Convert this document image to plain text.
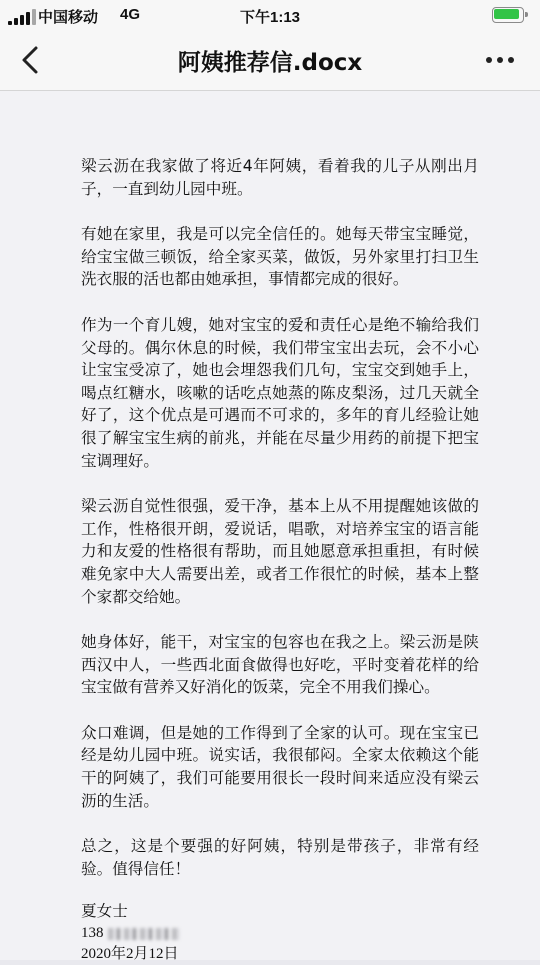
中国移动 4G	下午1:13
阿姨推荐信.docx

梁云沥在我家做了将近4年阿姨，看着我的儿子从刚出月子，一直到幼儿园中班。

有她在家里，我是可以完全信任的。她每天带宝宝睡觉，给宝宝做三顿饭，给全家买菜，做饭，另外家里打扫卫生洗衣服的活也都由她承担，事情都完成的很好。

作为一个育儿嫂，她对宝宝的爱和责任心是绝不输给我们父母的。偶尔休息的时候，我们带宝宝出去玩，会不小心让宝宝受凉了，她也会埋怨我们几句，宝宝交到她手上，喝点红糖水，咳嗽的话吃点她蒸的陈皮梨汤，过几天就全好了，这个优点是可遇而不可求的，多年的育儿经验让她很了解宝宝生病的前兆，并能在尽量少用药的前提下把宝宝调理好。

梁云沥自觉性很强，爱干净，基本上从不用提醒她该做的工作，性格很开朗，爱说话，唱歌，对培养宝宝的语言能力和友爱的性格很有帮助，而且她愿意承担重担，有时候难免家中大人需要出差，或者工作很忙的时候，基本上整个家都交给她。

她身体好，能干，对宝宝的包容也在我之上。梁云沥是陕西汉中人，一些西北面食做得也好吃，平时变着花样的给宝宝做有营养又好消化的饭菜，完全不用我们操心。

众口难调，但是她的工作得到了全家的认可。现在宝宝已经是幼儿园中班。说实话，我很郁闷。全家太依赖这个能干的阿姨了，我们可能要用很长一段时间来适应没有梁云沥的生活。

总之，这是个要强的好阿姨，特别是带孩子，非常有经验。值得信任！

夏女士
138
2020年2月12日
